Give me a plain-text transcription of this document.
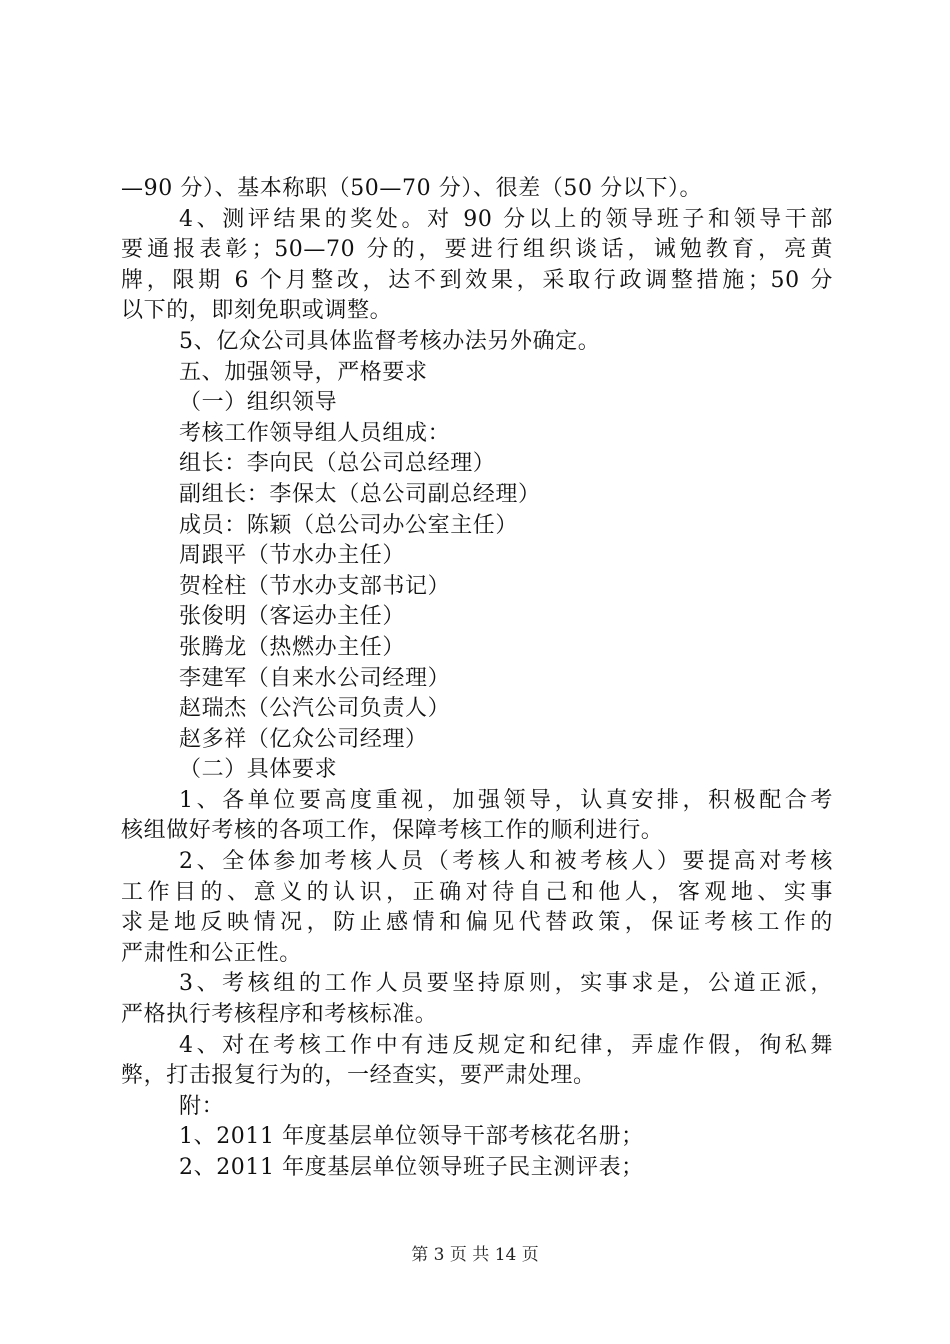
—90 分）、基本称职（50—70 分）、很差（50 分以下）。
4、测评结果的奖处。对 90 分以上的领导班子和领导干部
要通报表彰；50—70 分的，要进行组织谈话，诫勉教育，亮黄
牌，限期 6 个月整改，达不到效果，采取行政调整措施；50 分
以下的，即刻免职或调整。
5、亿众公司具体监督考核办法另外确定。
五、加强领导，严格要求
（一）组织领导
考核工作领导组人员组成：
组长：李向民（总公司总经理）
副组长：李保太（总公司副总经理）
成员：陈颖（总公司办公室主任）
周跟平（节水办主任）
贺栓柱（节水办支部书记）
张俊明（客运办主任）
张腾龙（热燃办主任）
李建军（自来水公司经理）
赵瑞杰（公汽公司负责人）
赵多祥（亿众公司经理）
（二）具体要求
1、各单位要高度重视，加强领导，认真安排，积极配合考
核组做好考核的各项工作，保障考核工作的顺利进行。
2、全体参加考核人员（考核人和被考核人）要提高对考核
工作目的、意义的认识，正确对待自己和他人，客观地、实事
求是地反映情况，防止感情和偏见代替政策，保证考核工作的
严肃性和公正性。
3、考核组的工作人员要坚持原则，实事求是，公道正派，
严格执行考核程序和考核标准。
4、对在考核工作中有违反规定和纪律，弄虚作假，徇私舞
弊，打击报复行为的，一经查实，要严肃处理。
附：
1、2011 年度基层单位领导干部考核花名册；
2、2011 年度基层单位领导班子民主测评表；
第 3 页 共 14 页
